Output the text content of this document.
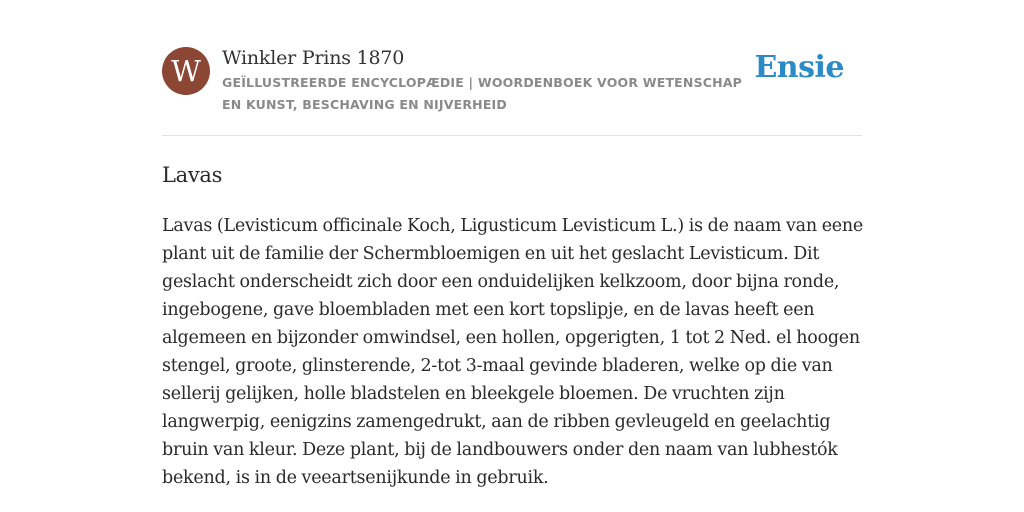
W	Winkler Prins 1870

GEÏLLUSTREERDE ENCYCLOPÆDIE | WOORDENBOEK VOOR WETENSCHAP EN KUNST, BESCHAVING EN NIJVERHEID

Ensie
Lavas

Lavas (Levisticum officinale Koch, Ligusticum Levisticum L.) is de naam van eene plant uit de familie der Schermbloemigen en uit het geslacht Levisticum. Dit geslacht onderscheidt zich door een onduidelijken kelkzoom, door bijna ronde, ingebogene, gave bloembladen met een kort topslipje, en de lavas heeft een algemeen en bijzonder omwindsel, een hollen, opgerigten, 1 tot 2 Ned. el hoogen stengel, groote, glinsterende, 2-tot 3-maal gevinde bladeren, welke op die van sellerij gelijken, holle bladstelen en bleekgele bloemen. De vruchten zijn langwerpig, eenigzins zamengedrukt, aan de ribben gevleugeld en geelachtig bruin van kleur. Deze plant, bij de landbouwers onder den naam van lubhestók bekend, is in de veeartsenijkunde in gebruik.
